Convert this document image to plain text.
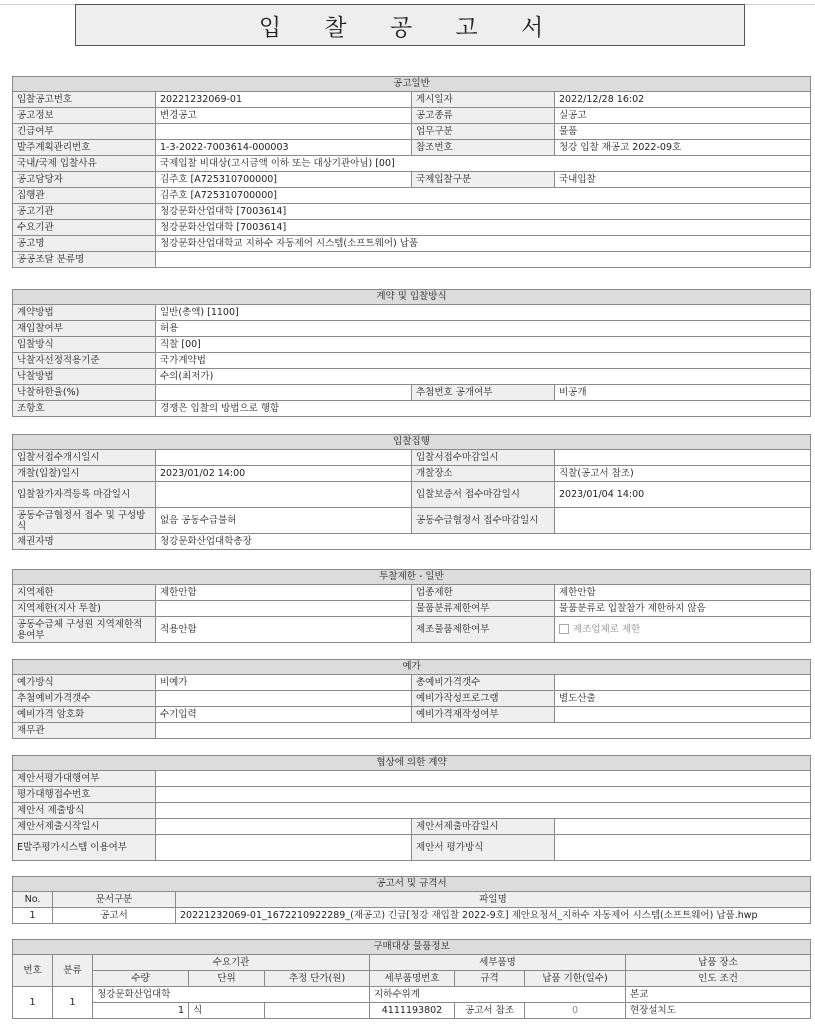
입 찰 공 고 서
공고일반			
입찰공고번호	20221232069-01	게시일자	2022/12/28 16:02
공고정보	변경공고	공고종류	실공고
긴급여부		업무구분	물품
발주계획관리번호	1-3-2022-7003614-000003	참조번호	청강 입찰 재공고 2022-09호
국내/국제 입찰사유	국제입찰 비대상(고시금액 이하 또는 대상기관아님) [00]		
공고담당자	김주호 [A725310700000]	국제입찰구분	국내입찰
집행관	김주호 [A725310700000]		
공고기관	청강문화산업대학 [7003614]		
수요기관	청강문화산업대학 [7003614]		
공고명	청강문화산업대학교 지하수 자동제어 시스템(소프트웨어) 납품		
공공조달 분류명			
계약 및 입찰방식			
계약방법	일반(총액) [1100]		
재입찰여부	허용		
입찰방식	직찰 [00]		
낙찰자선정적용기준	국가계약법		
낙찰방법	수의(최저가)		
낙찰하한율(%)		추첨번호 공개여부	비공개
조항호	경쟁은 입찰의 방법으로 행함		
입찰집행			
입찰서접수개시일시		입찰서접수마감일시	
개찰(입찰)일시	2023/01/02 14:00	개찰장소	직찰(공고서 참조)
입찰참가자격등록 마감일시		입찰보증서 접수마감일시	2023/01/04 14:00
공동수급협정서 접수 및 구성방식	없음 공동수급불허	공동수급협정서 접수마감일시	
채권자명	청강문화산업대학총장		
투찰제한 - 일반			
지역제한	제한안함	업종제한	제한안함
지역제한(지사 투찰)		물품분류제한여부	물품분류로 입찰참가 제한하지 않음
공동수급체 구성원 지역제한적용여부	적용안함	제조물품제한여부	제조업체로 제한
예가			
예가방식	비예가	총예비가격갯수	
추첨예비가격갯수		예비가작성프로그램	별도산출
예비가격 암호화	수기입력	예비가격재작성여부	
재무관			
협상에 의한 계약			
제안서평가대행여부			
평가대행접수번호			
제안서 제출방식			
제안서제출시작일시		제안서제출마감일시	
E발주평가시스템 이용여부		제안서 평가방식	
공고서 및 규격서		
No.	문서구분	파일명
1	공고서	20221232069-01_1672210922289_(재공고) 긴급[청강 재입찰 2022-9호] 제안요청서_지하수 자동제어 시스템(소프트웨어) 납품.hwp
구매대상 물품정보								
번호	분류	수요기관			세부품명			납품 장소
		수량	단위	추정 단가(원)	세부품명번호	규격	납품 기한(일수)	인도 조건
1	1	청강문화산업대학			지하수위계			본교
		1	식		4111193802	공고서 참조	0	현장설치도
